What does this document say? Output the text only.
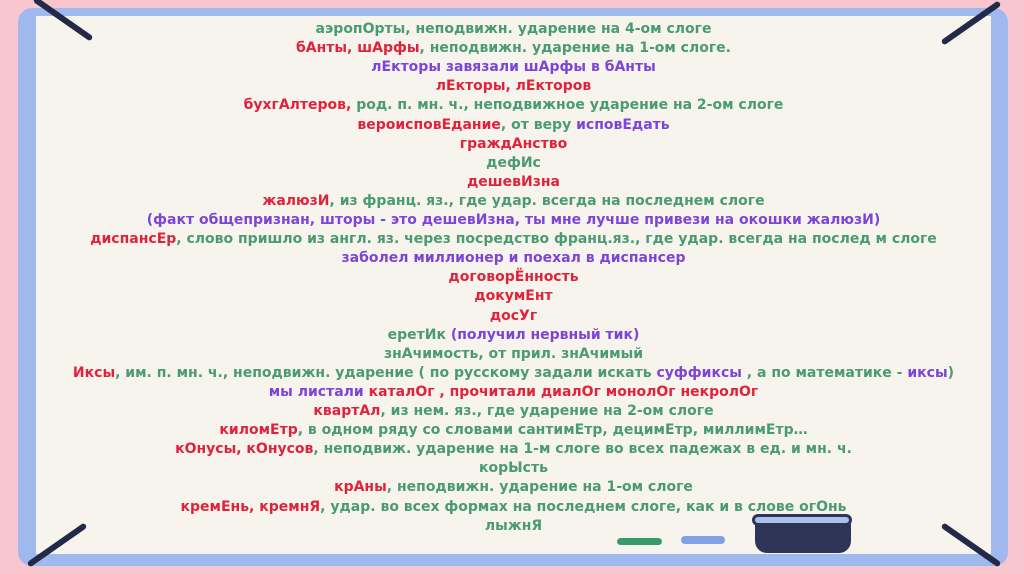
аэропОрты, неподвижн. ударение на 4-ом слоге
бАнты, шАрфы, неподвижн. ударение на 1-ом слоге.
лЕкторы завязали шАрфы в бАнты
лЕкторы, лЕкторов
бухгАлтеров, род. п. мн. ч., неподвижное ударение на 2-ом слоге
вероисповЕдание, от веру исповЕдать
граждАнство
дефИс
дешевИзна
жалюзИ, из франц. яз., где удар. всегда на последнем слоге
(факт общепризнан, шторы - это дешевИзна, ты мне лучше привези на окошки жалюзИ)
диспансЕр, слово пришло из англ. яз. через посредство франц.яз., где удар. всегда на послед м слоге
заболел миллионер и поехал в диспансер
договорЁнность
докумЕнт
досУг
еретИк (получил нервный тик)
знАчимость, от прил. знАчимый
Иксы, им. п. мн. ч., неподвижн. ударение ( по русскому задали искать суффиксы , а по математике - иксы)
мы листали каталОг , прочитали диалОг монолОг некролОг
квартАл, из нем. яз., где ударение на 2-ом слоге
киломЕтр, в одном ряду со словами сантимЕтр, децимЕтр, миллимЕтр…
кОнусы, кОнусов, неподвиж. ударение на 1-м слоге во всех падежах в ед. и мн. ч.
корЫсть
крАны, неподвижн. ударение на 1-ом слоге
кремЕнь, кремнЯ, удар. во всех формах на последнем слоге, как и в слове огОнь
лыжнЯ
